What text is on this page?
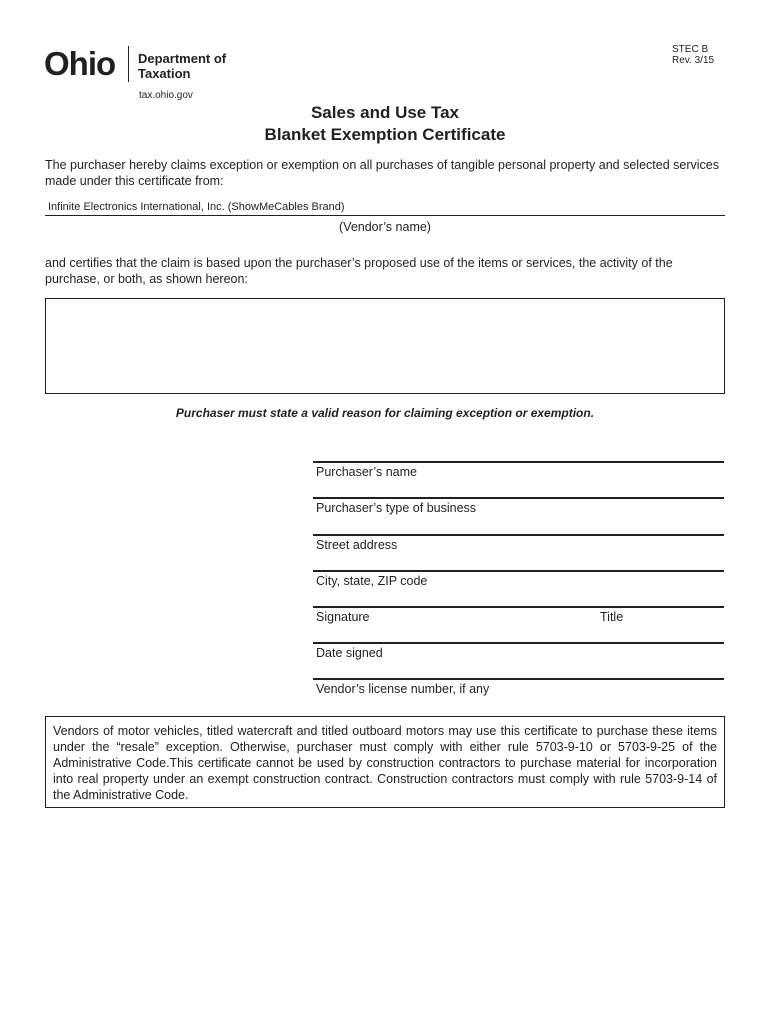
Ohio Department of
Taxation
tax.ohio.gov
STEC B
Rev. 3/15
Sales and Use Tax
Blanket Exemption Certificate
The purchaser hereby claims exception or exemption on all purchases of tangible personal property and selected services made under this certificate from:
Infinite Electronics International, Inc. (ShowMeCables Brand)
(Vendor’s name)
and certifies that the claim is based upon the purchaser’s proposed use of the items or services, the activity of the purchase, or both, as shown hereon:
Purchaser must state a valid reason for claiming exception or exemption.
Purchaser’s name
Purchaser’s type of business
Street address
City, state, ZIP code
Signature	Title
Date signed
Vendor’s license number, if any
Vendors of motor vehicles, titled watercraft and titled outboard motors may use this certificate to purchase these items under the “resale” exception. Otherwise, purchaser must comply with either rule 5703-9-10 or 5703-9-25 of the Administrative Code.This certificate cannot be used by construction contractors to purchase material for incorporation into real property under an exempt construction contract. Construction contractors must comply with rule 5703-9-14 of the Administrative Code.
